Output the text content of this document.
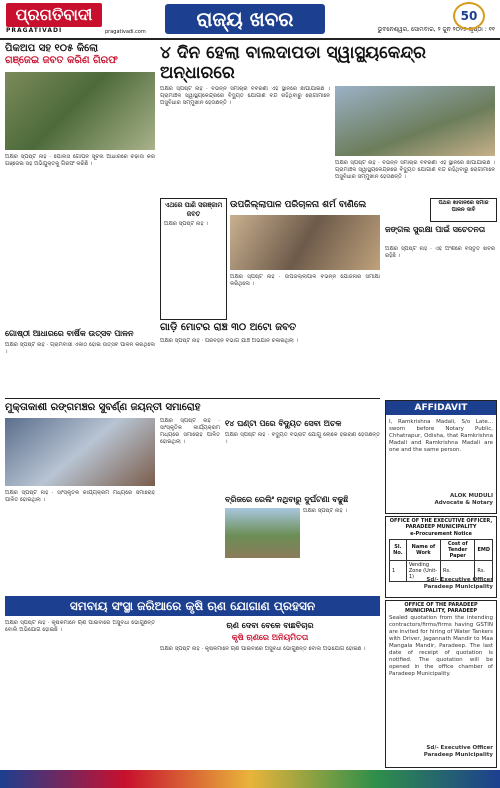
ପ୍ରଗତିବାଦୀ
PRAGATIVADI	pragativadi.com
ରାଜ୍ୟ ଖବର	ଭୁବନେଶ୍ୱର, ସୋମବାର, ୨ ଜୁନ ୨୦୨୫ ପୃଷ୍ଠା : ୧୧
50
ପିକଅପ ସହ ୧୦୫ କିଲୋ
ଗଞ୍ଜେଇ ଜବତ କରିଣ ଗିରଫ
ଅକ୍ଷର ସ୍ପଷ୍ଟ ନାହିଁ · ପୋଲିସ ଗୋପନ ସୂଚନା ଆଧାରରେ ଚଢାଉ କରି ଗଞ୍ଜେଇ ସହ ଅଭିଯୁକ୍ତକୁ ଗିରଫ କରିଛି ।
ଗୋଷ୍ଠୀ ଆଧାରରେ ବାର୍ଷିକ ଉତ୍ସବ ପାଳନ
ଅକ୍ଷର ସ୍ପଷ୍ଟ ନାହିଁ · ଗ୍ରାମବାସୀ ଏକାଠି ହୋଇ ଉତ୍ସବ ପାଳନ କରିଥିଲେ ।
୪ ଦିନ ହେଲା ବାଲଦାପଡା ସ୍ୱାସ୍ଥ୍ୟକେନ୍ଦ୍ର ଅନ୍ଧାରରେ
ଅକ୍ଷର ସ୍ପଷ୍ଟ ନାହିଁ · ବିଭିନ୍ନ ସମାଚାର ବିବରଣୀ ଏହି ସ୍ଥାନରେ ଛାପାଯାଇଛି । ଗ୍ରାମାଞ୍ଚଳ ସ୍ୱାସ୍ଥ୍ୟକେନ୍ଦ୍ରରେ ବିଦ୍ୟୁତ ଯୋଗାଣ ବନ୍ଦ ରହିଥିବାରୁ ରୋଗୀମାନେ ଅସୁବିଧାର ସମ୍ମୁଖୀନ ହେଉଛନ୍ତି ।
ଅକ୍ଷର ସ୍ପଷ୍ଟ ନାହିଁ · ବିଭିନ୍ନ ସମାଚାର ବିବରଣୀ ଏହି ସ୍ଥାନରେ ଛାପାଯାଇଛି । ଗ୍ରାମାଞ୍ଚଳ ସ୍ୱାସ୍ଥ୍ୟକେନ୍ଦ୍ରରେ ବିଦ୍ୟୁତ ଯୋଗାଣ ବନ୍ଦ ରହିଥିବାରୁ ରୋଗୀମାନେ ଅସୁବିଧାର ସମ୍ମୁଖୀନ ହେଉଛନ୍ତି ।
ଏଥରେ ପାଣି ସରଞ୍ଜାମ ଜବତ
ଅକ୍ଷର ସ୍ପଷ୍ଟ ନାହିଁ ।
ଉପଜିଲ୍ଲାପାଳ ପରିଚାଳନା ଶର୍ମ ବାଣିଲେ
ଅକ୍ଷର ସ୍ପଷ୍ଟ ନାହିଁ · ଉପଜିଲ୍ଲାପାଳ ବିଭିନ୍ନ ଯୋଜନାର ସମୀକ୍ଷା କରିଥିଲେ ।
ଜଙ୍ଗଲ ସୁରକ୍ଷା ପାଇଁ ସଚେତନତା
ଅକ୍ଷର ସ୍ପଷ୍ଟ ନାହିଁ · ଏହି ଅଂଶରେ ବିସ୍ତୃତ ଖବର ରହିଛି ।
ଗାଡ଼ି ମୋଟର ରାଞ୍ଚ ୩୦ ଅଟୋ ଜବତ
ଅକ୍ଷର ସ୍ପଷ୍ଟ ନାହିଁ · ପରିବହନ ବିଭାଗ ଯାଞ୍ଚ ଅଭିଯାନ ଚଳାଇଥିଲା ।
ପଥର ଖାଦାନରେ ସମାଜ ପାଳନ ଦାବି
AFFIDAVIT
I, Ramkrishna Madali, S/o Late... sworn before Notary Public, Chhatrapur, Odisha, that Ramkrishna Madali and Ramkrishna Madali are one and the same person.
ALOK MUDULI
Advocate & Notary
ମୁକ୍ତାକାଶୀ ରଙ୍ଗମଞ୍ଚର ସୁବର୍ଣ୍ଣ ଜୟନ୍ତୀ ସମାରୋହ
ଅକ୍ଷର ସ୍ପଷ୍ଟ ନାହିଁ · ସାଂସ୍କୃତିକ କାର୍ଯ୍ୟକ୍ରମ ମଧ୍ୟରେ ସମାରୋହ ପାଳିତ ହୋଇଥିଲା ।
ଅକ୍ଷର ସ୍ପଷ୍ଟ ନାହିଁ · ସାଂସ୍କୃତିକ କାର୍ଯ୍ୟକ୍ରମ ମଧ୍ୟରେ ସମାରୋହ ପାଳିତ ହୋଇଥିଲା ।
୧୪ ଘଣ୍ଟା ପରେ ବିଦ୍ୟୁତ ସେବା ଅଚଳ
ଅକ୍ଷର ସ୍ପଷ୍ଟ ନାହିଁ · ବିଦ୍ୟୁତ ବିଭ୍ରାଟ ଯୋଗୁଁ ଲୋକେ ହଇରାଣ ହେଉଛନ୍ତି ।
ବ୍ରିଜରେ ରେଲିଂ ନଥିବାରୁ ଦୁର୍ଘଟଣା ବଢୁଛି
ଅକ୍ଷର ସ୍ପଷ୍ଟ ନାହିଁ ।
OFFICE OF THE EXECUTIVE OFFICER, PARADEEP MUNICIPALITY
e-Procurement Notice
Sl. No.	Name of Work	Cost of Tender Paper	EMD
1	Vending Zone (Unit-1)	Rs.	Rs.
Sd/- Executive Officer
Paradeep Municipality
ସମବାୟ ସଂସ୍ଥା ଜରିଆରେ କୃଷି ଋଣ ଯୋଗାଣ ପ୍ରହସନ
ଋଣ ଦେବା ବେଳେ ବାଛବିଚାର
କୃଷି ଋଣରେ ଅନିୟମିତତା
ଅକ୍ଷର ସ୍ପଷ୍ଟ ନାହିଁ · କୃଷକମାନେ ଋଣ ପାଇବାରେ ଅସୁବିଧା ଭୋଗୁଛନ୍ତି ବୋଲି ଅଭିଯୋଗ ହୋଇଛି ।
ଅକ୍ଷର ସ୍ପଷ୍ଟ ନାହିଁ · କୃଷକମାନେ ଋଣ ପାଇବାରେ ଅସୁବିଧା ଭୋଗୁଛନ୍ତି ବୋଲି ଅଭିଯୋଗ ହୋଇଛି ।
OFFICE OF THE PARADEEP MUNICIPALITY, PARADEEP
Sealed quotation from the intending contractors/firms/firms having GSTIN are invited for hiring of Water Tankers with Driver, Jagannath Mandir to Maa Mangala Mandir, Paradeep. The last date of receipt of quotation is notified. The quotation will be opened in the office chamber of Paradeep Municipality.
Sd/- Executive Officer
Paradeep Municipality
